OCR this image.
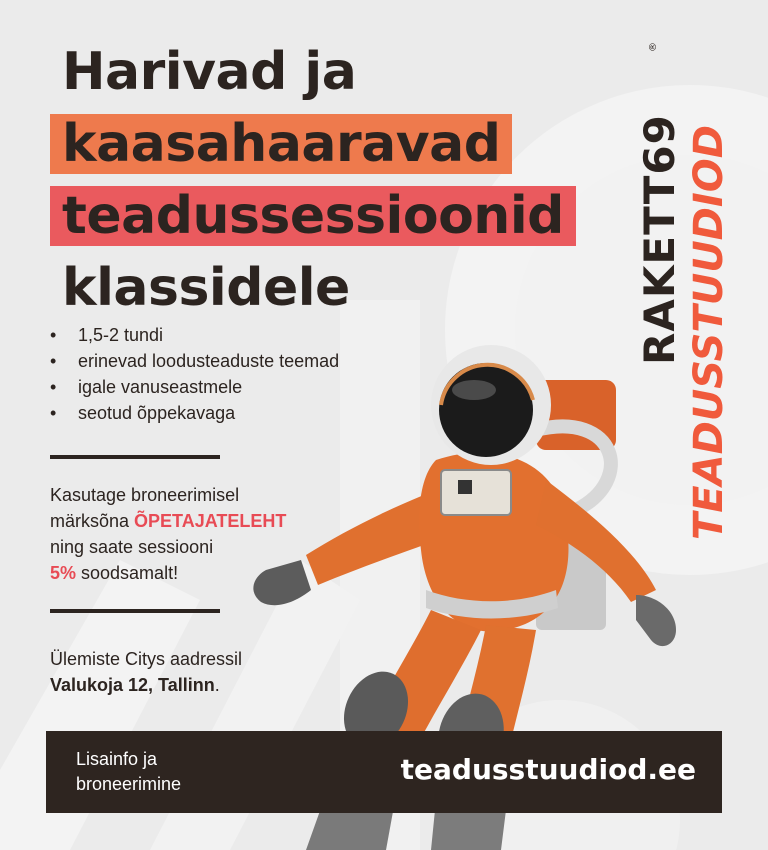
Harivad ja
kaasahaaravad
teadussessioonid
klassidele
• 1,5-2 tundi
• erinevad loodusteaduste teemad
• igale vanuseastmele
• seotud õppekavaga
Kasutage broneerimisel
märksõna ÕPETAJATELEHT
ning saate sessiooni
5% soodsamalt!
Ülemiste Citys aadressil
Valukoja 12, Tallinn.
RAKETT69
®
TEADUSSTUUDIOD
Lisainfo ja
broneerimine	teadusstuudiod.ee
